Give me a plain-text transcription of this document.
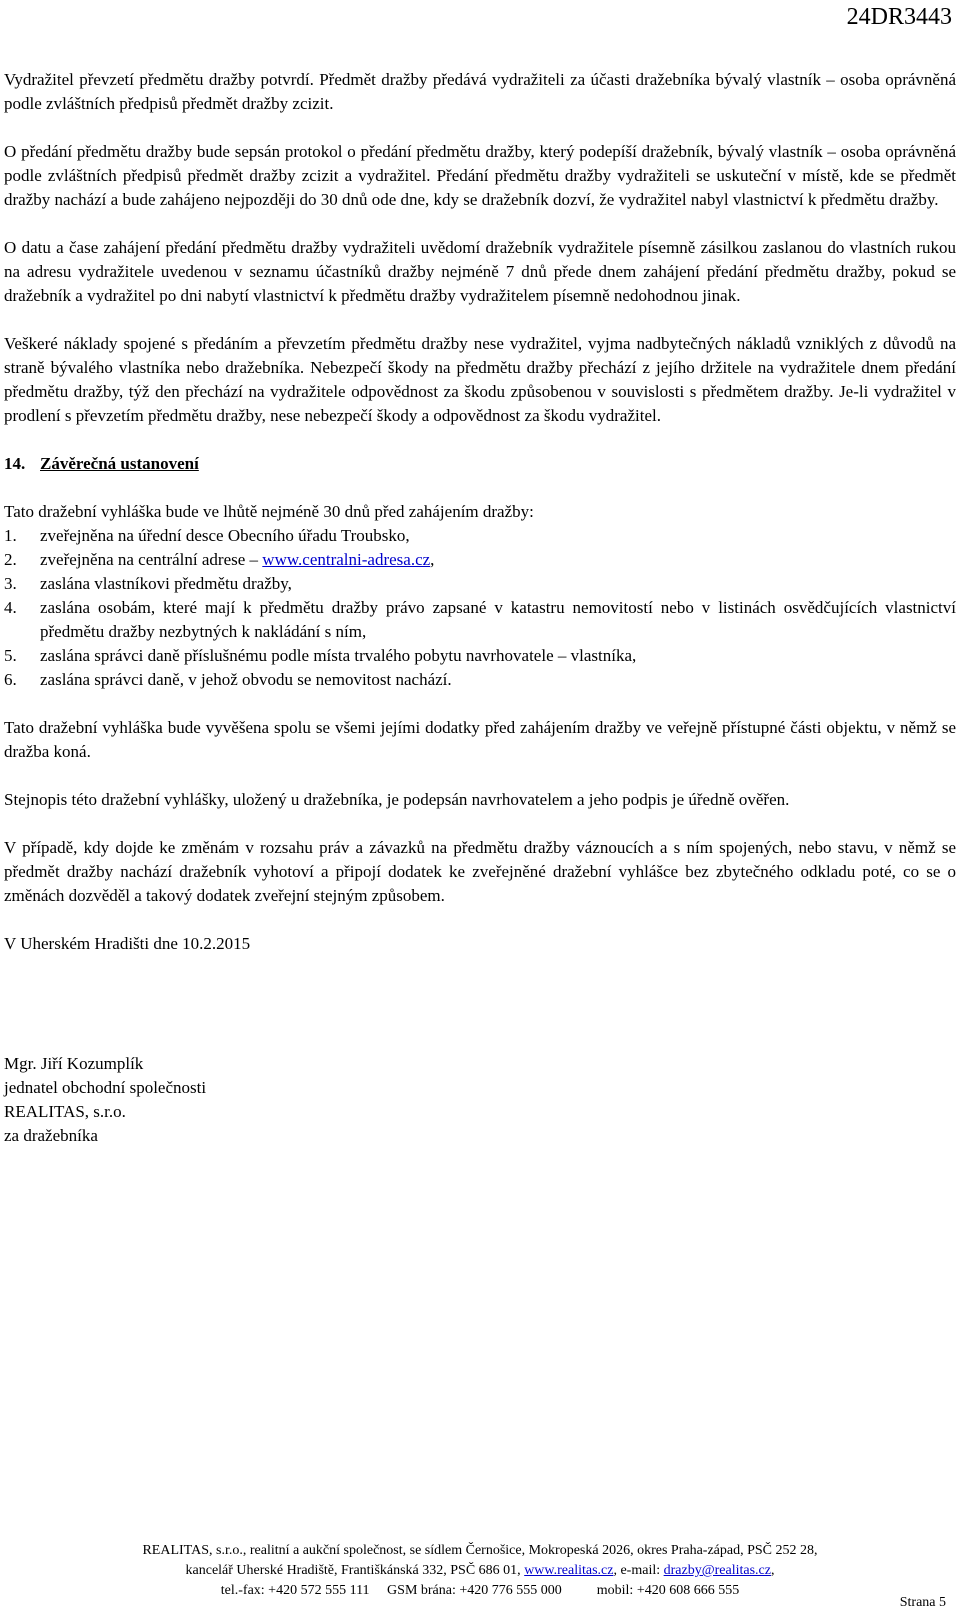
24DR3443

Vydražitel převzetí předmětu dražby potvrdí. Předmět dražby předává vydražiteli za účasti dražebníka bývalý vlastník – osoba oprávněná podle zvláštních předpisů předmět dražby zcizit.

O předání předmětu dražby bude sepsán protokol o předání předmětu dražby, který podepíší dražebník, bývalý vlastník – osoba oprávněná podle zvláštních předpisů předmět dražby zcizit a vydražitel. Předání předmětu dražby vydražiteli se uskuteční v místě, kde se předmět dražby nachází a bude zahájeno nejpozději do 30 dnů ode dne, kdy se dražebník dozví, že vydražitel nabyl vlastnictví k předmětu dražby.

O datu a čase zahájení předání předmětu dražby vydražiteli uvědomí dražebník vydražitele písemně zásilkou zaslanou do vlastních rukou na adresu vydražitele uvedenou v seznamu účastníků dražby nejméně 7 dnů přede dnem zahájení předání předmětu dražby, pokud se dražebník a vydražitel po dni nabytí vlastnictví k předmětu dražby vydražitelem písemně nedohodnou jinak.

Veškeré náklady spojené s předáním a převzetím předmětu dražby nese vydražitel, vyjma nadbytečných nákladů vzniklých z důvodů na straně bývalého vlastníka nebo dražebníka. Nebezpečí škody na předmětu dražby přechází z jejího držitele na vydražitele dnem předání předmětu dražby, týž den přechází na vydražitele odpovědnost za škodu způsobenou v souvislosti s předmětem dražby. Je-li vydražitel v prodlení s převzetím předmětu dražby, nese nebezpečí škody a odpovědnost za škodu vydražitel.

14. Závěrečná ustanovení

Tato dražební vyhláška bude ve lhůtě nejméně 30 dnů před zahájením dražby:

1. zveřejněna na úřední desce Obecního úřadu Troubsko,
2. zveřejněna na centrální adrese – www.centralni-adresa.cz,
3. zaslána vlastníkovi předmětu dražby,
4. zaslána osobám, které mají k předmětu dražby právo zapsané v katastru nemovitostí nebo v listinách osvědčujících vlastnictví předmětu dražby nezbytných k nakládání s ním,
5. zaslána správci daně příslušnému podle místa trvalého pobytu navrhovatele – vlastníka,
6. zaslána správci daně, v jehož obvodu se nemovitost nachází.

Tato dražební vyhláška bude vyvěšena spolu se všemi jejími dodatky před zahájením dražby ve veřejně přístupné části objektu, v němž se dražba koná.

Stejnopis této dražební vyhlášky, uložený u dražebníka, je podepsán navrhovatelem a jeho podpis je úředně ověřen.

V případě, kdy dojde ke změnám v rozsahu práv a závazků na předmětu dražby váznoucích a s ním spojených, nebo stavu, v němž se předmět dražby nachází dražebník vyhotoví a připojí dodatek ke zveřejněné dražební vyhlášce bez zbytečného odkladu poté, co se o změnách dozvěděl a takový dodatek zveřejní stejným způsobem.

V Uherském Hradišti dne 10.2.2015

Mgr. Jiří Kozumplík
jednatel obchodní společnosti
REALITAS, s.r.o.
za dražebníka
REALITAS, s.r.o., realitní a aukční společnost, se sídlem Černošice, Mokropeská 2026, okres Praha-západ, PSČ 252 28,
kancelář Uherské Hradiště, Františkánská 332, PSČ 686 01, www.realitas.cz, e-mail: drazby@realitas.cz,
tel.-fax: +420 572 555 111     GSM brána: +420 776 555 000          mobil: +420 608 666 555
Strana 5
